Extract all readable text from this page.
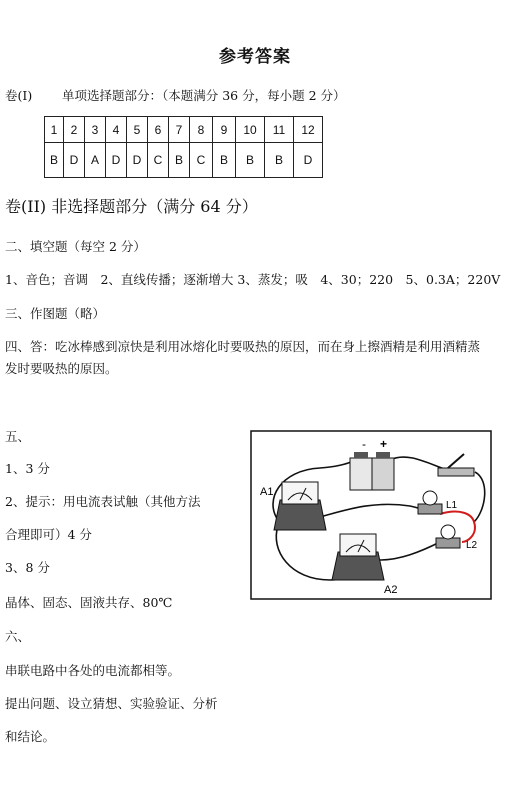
参考答案
卷(I) 单项选择题部分：（本题满分 36 分，每小题 2 分）
1	2	3	4	5	6	7	8	9	10	11	12
B	D	A	D	D	C	B	C	B	B	B	D
卷(II) 非选择题部分（满分 64 分）
二、填空题（每空 2 分）
1、音色；音调　2、直线传播；逐渐增大 3、蒸发；吸　4、30；220　5、0.3A；220V
三、作图题（略）
四、答：吃冰棒感到凉快是利用冰熔化时要吸热的原因，而在身上擦酒精是利用酒精蒸
发时要吸热的原因。
五、
1、3 分
2、提示：用电流表试触（其他方法
合理即可）4 分
3、8 分
晶体、固态、固液共存、80℃
六、
串联电路中各处的电流都相等。
提出问题、设立猜想、实验验证、分析
和结论。
- +
A1
A2
L1
L2
